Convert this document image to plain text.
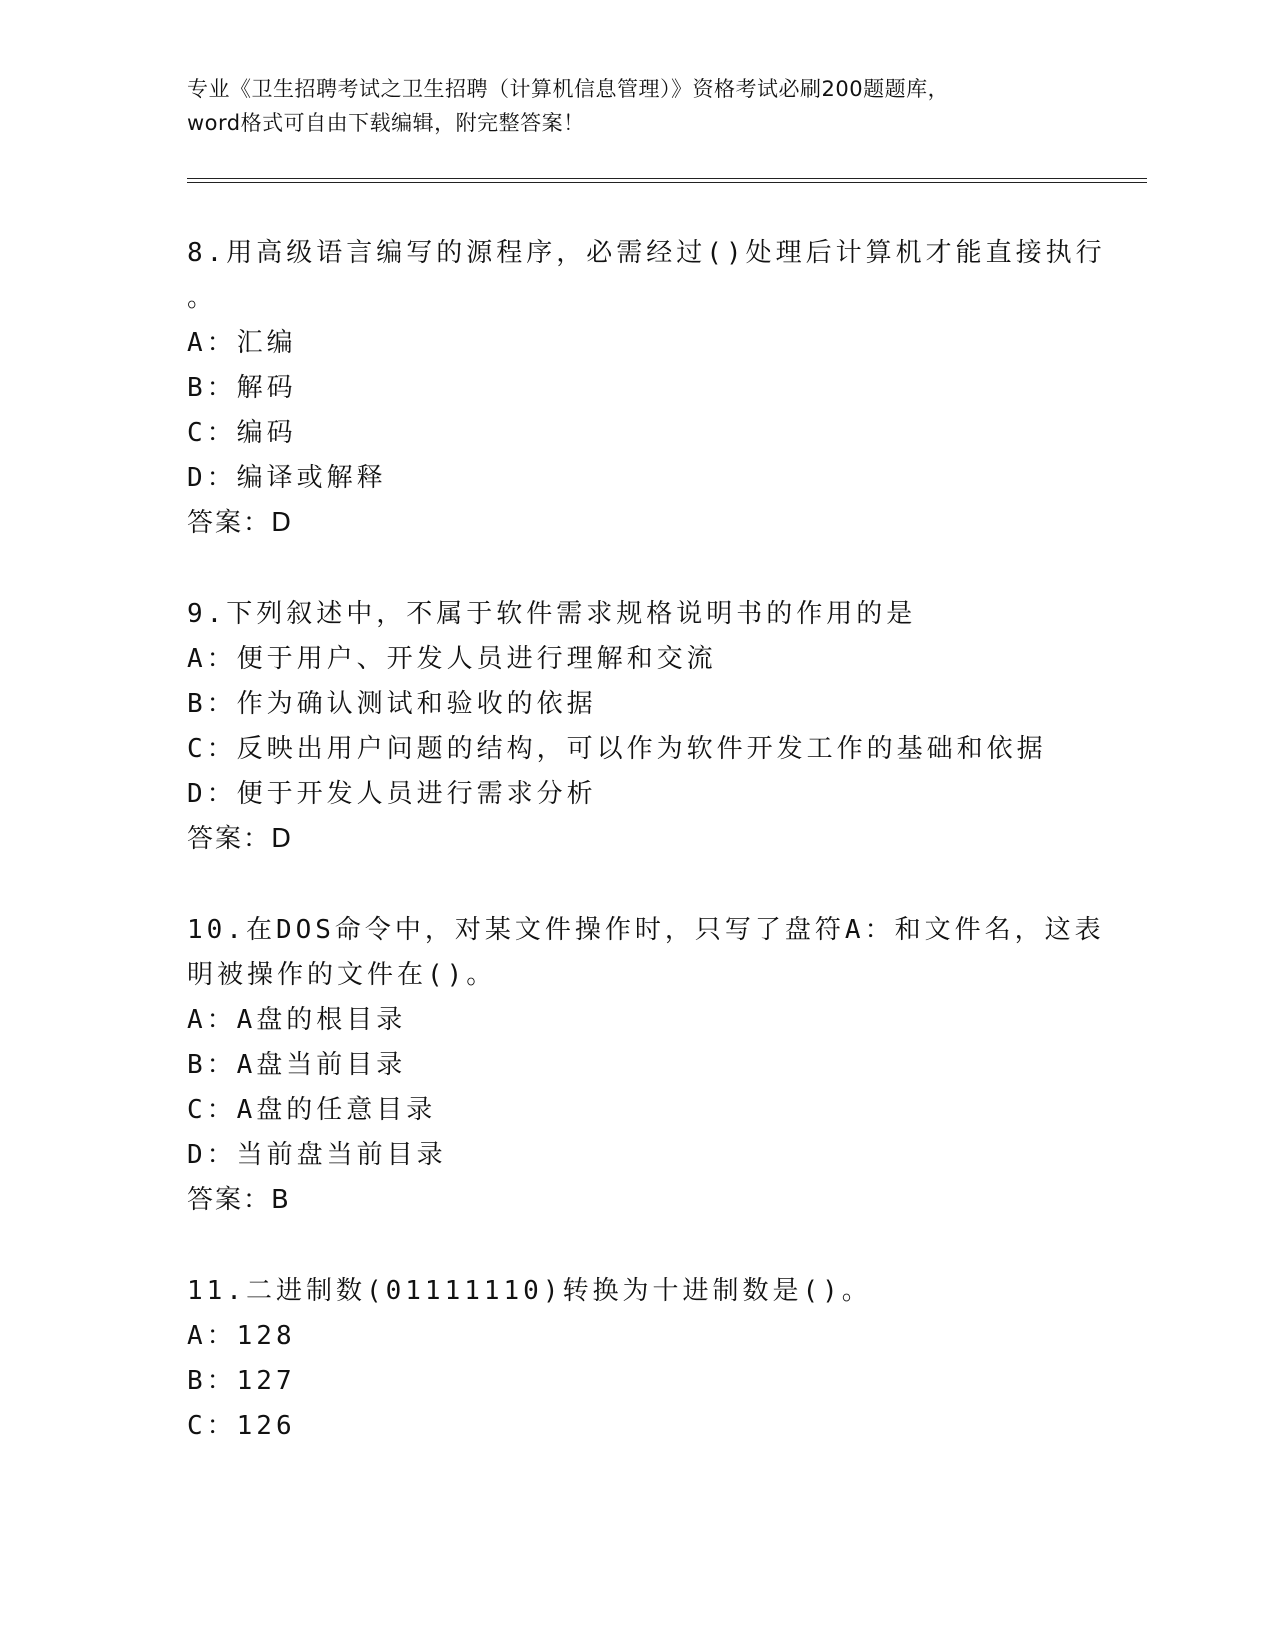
专业《卫生招聘考试之卫生招聘（计算机信息管理）》资格考试必刷200题题库，
word格式可自由下载编辑，附完整答案！
8.用高级语言编写的源程序，必需经过()处理后计算机才能直接执行
。
A：汇编
B：解码
C：编码
D：编译或解释
答案：D
9.下列叙述中，不属于软件需求规格说明书的作用的是
A：便于用户、开发人员进行理解和交流
B：作为确认测试和验收的依据
C：反映出用户问题的结构，可以作为软件开发工作的基础和依据
D：便于开发人员进行需求分析
答案：D
10.在DOS命令中，对某文件操作时，只写了盘符A：和文件名，这表
明被操作的文件在()。
A：A盘的根目录
B：A盘当前目录
C：A盘的任意目录
D：当前盘当前目录
答案：B
11.二进制数(01111110)转换为十进制数是()。
A：128
B：127
C：126
